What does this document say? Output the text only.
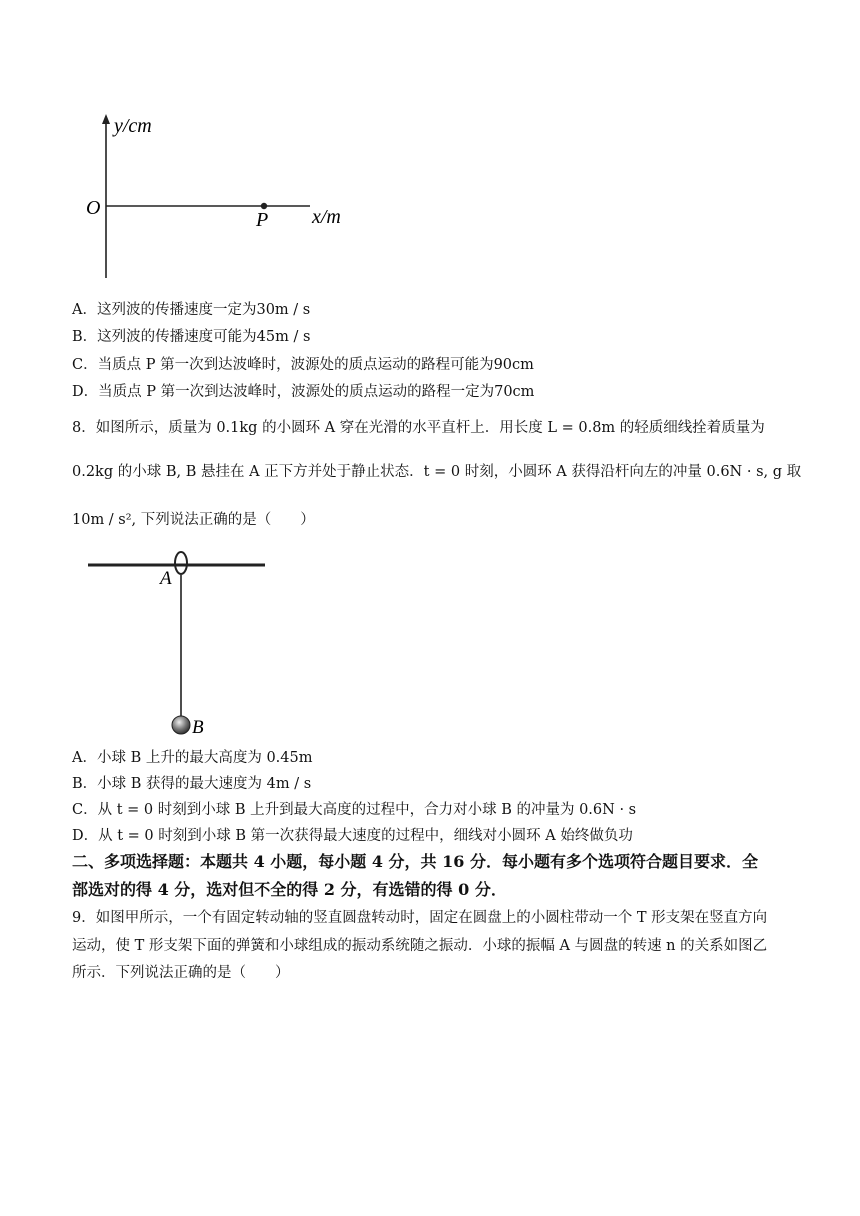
y/cm
O
P x/m
A．这列波的传播速度一定为30m / s
B．这列波的传播速度可能为45m / s
C．当质点 P 第一次到达波峰时，波源处的质点运动的路程可能为90cm
D．当质点 P 第一次到达波峰时，波源处的质点运动的路程一定为70cm
8．如图所示，质量为 0.1kg 的小圆环 A 穿在光滑的水平直杆上．用长度 L = 0.8m 的轻质细线拴着质量为
0.2kg 的小球 B, B 悬挂在 A 正下方并处于静止状态．t = 0 时刻，小圆环 A 获得沿杆向左的冲量 0.6N · s, g 取
10m / s², 下列说法正确的是（　　）
A
B
A．小球 B 上升的最大高度为 0.45m
B．小球 B 获得的最大速度为 4m / s
C．从 t = 0 时刻到小球 B 上升到最大高度的过程中，合力对小球 B 的冲量为 0.6N · s
D．从 t = 0 时刻到小球 B 第一次获得最大速度的过程中，细线对小圆环 A 始终做负功
二、多项选择题：本题共 4 小题，每小题 4 分，共 16 分．每小题有多个选项符合题目要求．全
部选对的得 4 分，选对但不全的得 2 分，有选错的得 0 分．
9．如图甲所示，一个有固定转动轴的竖直圆盘转动时，固定在圆盘上的小圆柱带动一个 T 形支架在竖直方向
运动，使 T 形支架下面的弹簧和小球组成的振动系统随之振动．小球的振幅 A 与圆盘的转速 n 的关系如图乙
所示．下列说法正确的是（　　）
